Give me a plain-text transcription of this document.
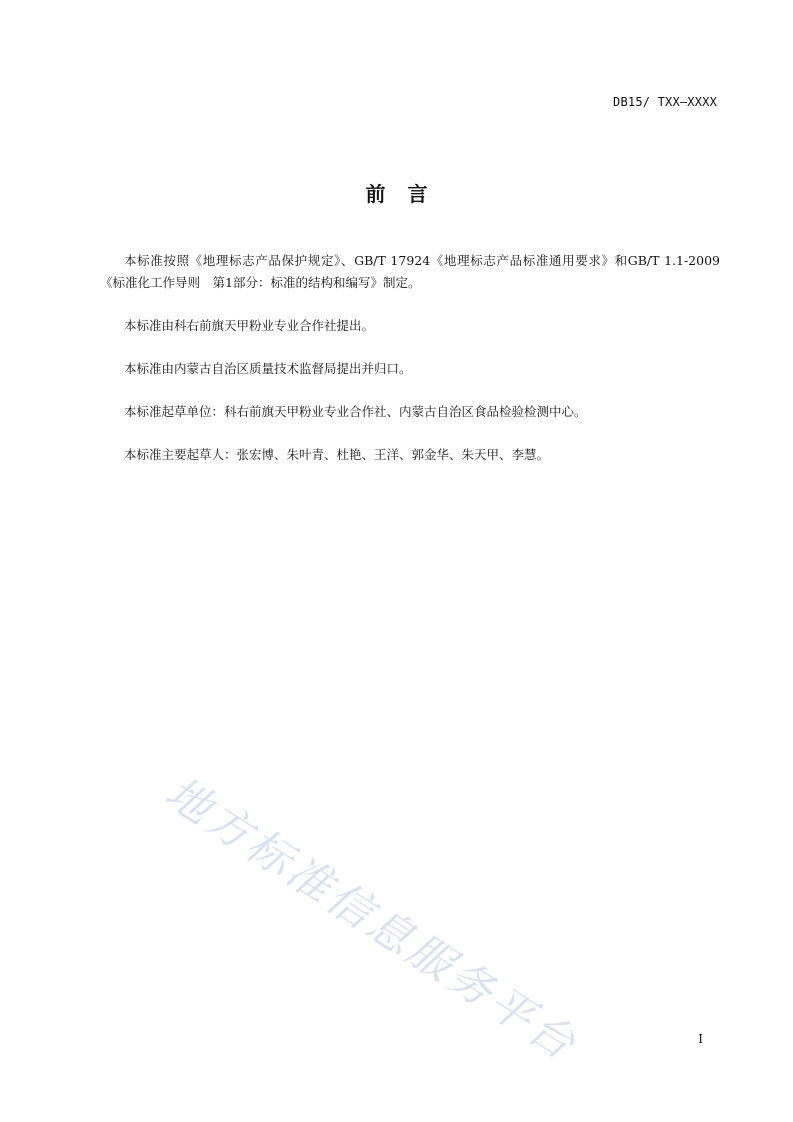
DB15/ TXX—XXXX
前言

本标准按照《地理标志产品保护规定》、GB/T 17924《地理标志产品标准通用要求》和GB/T 1.1-2009《标准化工作导则　第1部分：标准的结构和编写》制定。

本标准由科右前旗天甲粉业专业合作社提出。

本标准由内蒙古自治区质量技术监督局提出并归口。

本标准起草单位：科右前旗天甲粉业专业合作社、内蒙古自治区食品检验检测中心。

本标准主要起草人：张宏博、朱叶青、杜艳、王洋、郭金华、朱天甲、李慧。

地方标准信息服务平台	I
